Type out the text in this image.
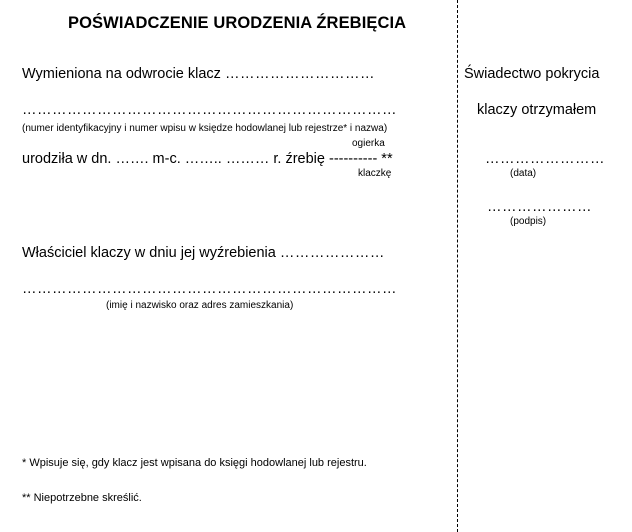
POŚWIADCZENIE URODZENIA ŹREBIĘCIA
Wymieniona na odwrocie klacz …………………………
…………………………………………………………………
(numer identyfikacyjny i numer wpisu w księdze hodowlanej lub rejestrze* i nazwa)
ogierka
urodziła w dn. ……. m-c. …….. ……… r. źrebię ---------- **
klaczkę
Właściciel klaczy w dniu jej wyźrebienia …………………
…………………………………………………………………
(imię i nazwisko oraz adres zamieszkania)
* Wpisuje się, gdy klacz jest wpisana do księgi hodowlanej lub rejestru.
** Niepotrzebne skreślić.
Świadectwo pokrycia
klaczy otrzymałem
……………………
(data)
…………………
(podpis)
